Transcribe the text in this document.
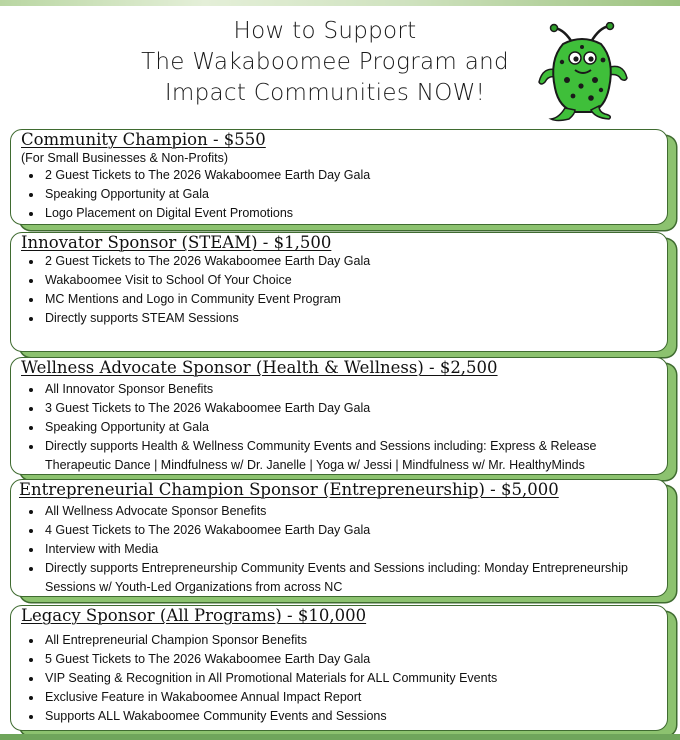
How to Support
The Wakaboomee Program and
Impact Communities NOW!
Community Champion - $550
(For Small Businesses & Non-Profits)
• 2 Guest Tickets to The 2026 Wakaboomee Earth Day Gala
• Speaking Opportunity at Gala
• Logo Placement on Digital Event Promotions
Innovator Sponsor (STEAM) - $1,500
• 2 Guest Tickets to The 2026 Wakaboomee Earth Day Gala
• Wakaboomee Visit to School Of Your Choice
• MC Mentions and Logo in Community Event Program
• Directly supports STEAM Sessions
Wellness Advocate Sponsor (Health & Wellness) - $2,500
• All Innovator Sponsor Benefits
• 3 Guest Tickets to The 2026 Wakaboomee Earth Day Gala
• Speaking Opportunity at Gala
• Directly supports Health & Wellness Community Events and Sessions including: Express & Release Therapeutic Dance | Mindfulness w/ Dr. Janelle | Yoga w/ Jessi | Mindfulness w/ Mr. HealthyMinds
Entrepreneurial Champion Sponsor (Entrepreneurship) - $5,000
• All Wellness Advocate Sponsor Benefits
• 4 Guest Tickets to The 2026 Wakaboomee Earth Day Gala
• Interview with Media
• Directly supports Entrepreneurship Community Events and Sessions including: Monday Entrepreneurship Sessions w/ Youth-Led Organizations from across NC
Legacy Sponsor (All Programs) - $10,000
• All Entrepreneurial Champion Sponsor Benefits
• 5 Guest Tickets to The 2026 Wakaboomee Earth Day Gala
• VIP Seating & Recognition in All Promotional Materials for ALL Community Events
• Exclusive Feature in Wakaboomee Annual Impact Report
• Supports ALL Wakaboomee Community Events and Sessions
